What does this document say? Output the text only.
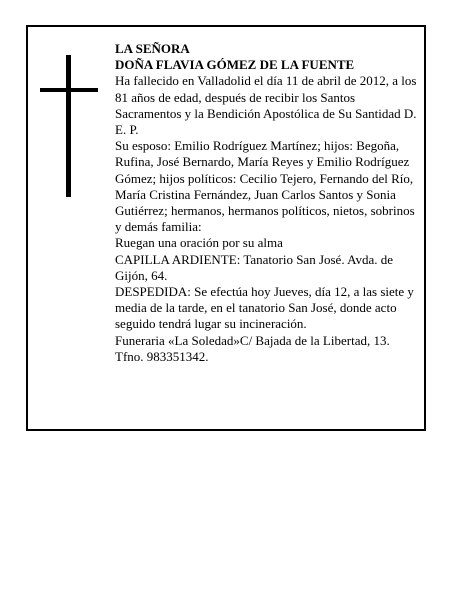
LA SEÑORA

DOÑA FLAVIA GÓMEZ DE LA FUENTE

Ha fallecido en Valladolid el día 11 de abril de 2012, a los 81 años de edad, después de recibir los Santos Sacramentos y la Bendición Apostólica de Su Santidad D. E. P.

Su esposo: Emilio Rodríguez Martínez; hijos: Begoña, Rufina, José Bernardo, María Reyes y Emilio Rodríguez Gómez; hijos políticos: Cecilio Tejero, Fernando del Río, María Cristina Fernández, Juan Carlos Santos y Sonia Gutiérrez; hermanos, hermanos políticos, nietos, sobrinos y demás familia:

Ruegan una oración por su alma

CAPILLA ARDIENTE: Tanatorio San José. Avda. de Gijón, 64.

DESPEDIDA: Se efectúa hoy Jueves, día 12, a las siete y media de la tarde, en el tanatorio San José, donde acto seguido tendrá lugar su incineración.

Funeraria «La Soledad»C/ Bajada de la Libertad, 13. Tfno. 983351342.
